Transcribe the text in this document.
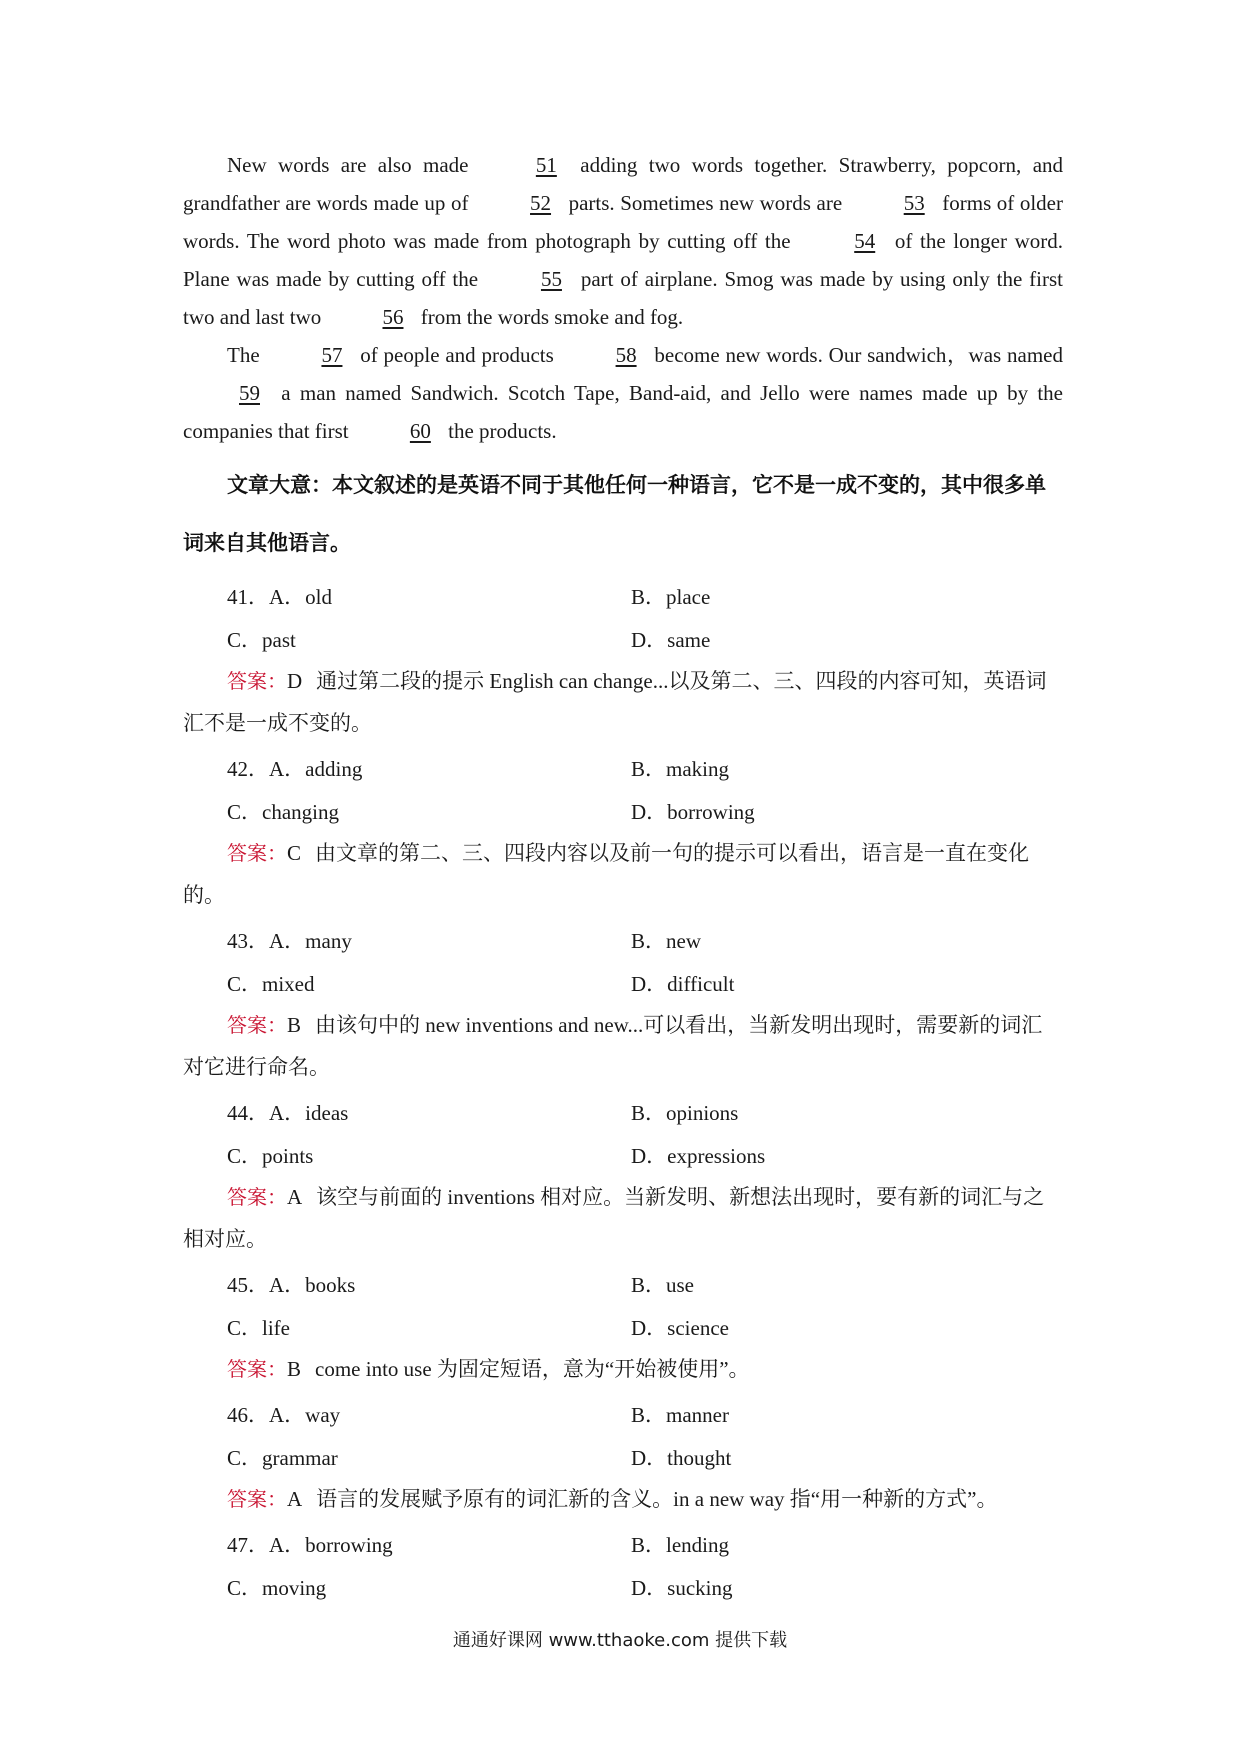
New words are also made	51 adding two words together. Strawberry, popcorn, and grandfather are words made up of	52 parts. Sometimes new words are	53 forms of older words. The word photo was made from photograph by cutting off the	54 of the longer word. Plane was made by cutting off the	55 part of airplane. Smog was made by using only the first two and last two	56 from the words smoke and fog.

The	57 of people and products	58 become new words. Our sandwich，was named 59 a man named Sandwich. Scotch Tape, Band-aid, and Jello were names made up by the companies that first	60 the products.

文章大意：本文叙述的是英语不同于其他任何一种语言，它不是一成不变的，其中很多单词来自其他语言。

41．A．old	B．place
C．past	D．same

答案：D 通过第二段的提示 English can change...以及第二、三、四段的内容可知，英语词汇不是一成不变的。

42．A．adding	B．making
C．changing	D．borrowing

答案：C 由文章的第二、三、四段内容以及前一句的提示可以看出，语言是一直在变化的。

43．A．many	B．new
C．mixed	D．difficult

答案：B 由该句中的 new inventions and new...可以看出，当新发明出现时，需要新的词汇对它进行命名。

44．A．ideas	B．opinions
C．points	D．expressions

答案：A 该空与前面的 inventions 相对应。当新发明、新想法出现时，要有新的词汇与之相对应。

45．A．books	B．use
C．life	D．science

答案：B come into use 为固定短语，意为“开始被使用”。

46．A．way	B．manner
C．grammar	D．thought

答案：A 语言的发展赋予原有的词汇新的含义。in a new way 指“用一种新的方式”。

47．A．borrowing	B．lending
C．moving	D．sucking
通通好课网 www.tthaoke.com 提供下载
